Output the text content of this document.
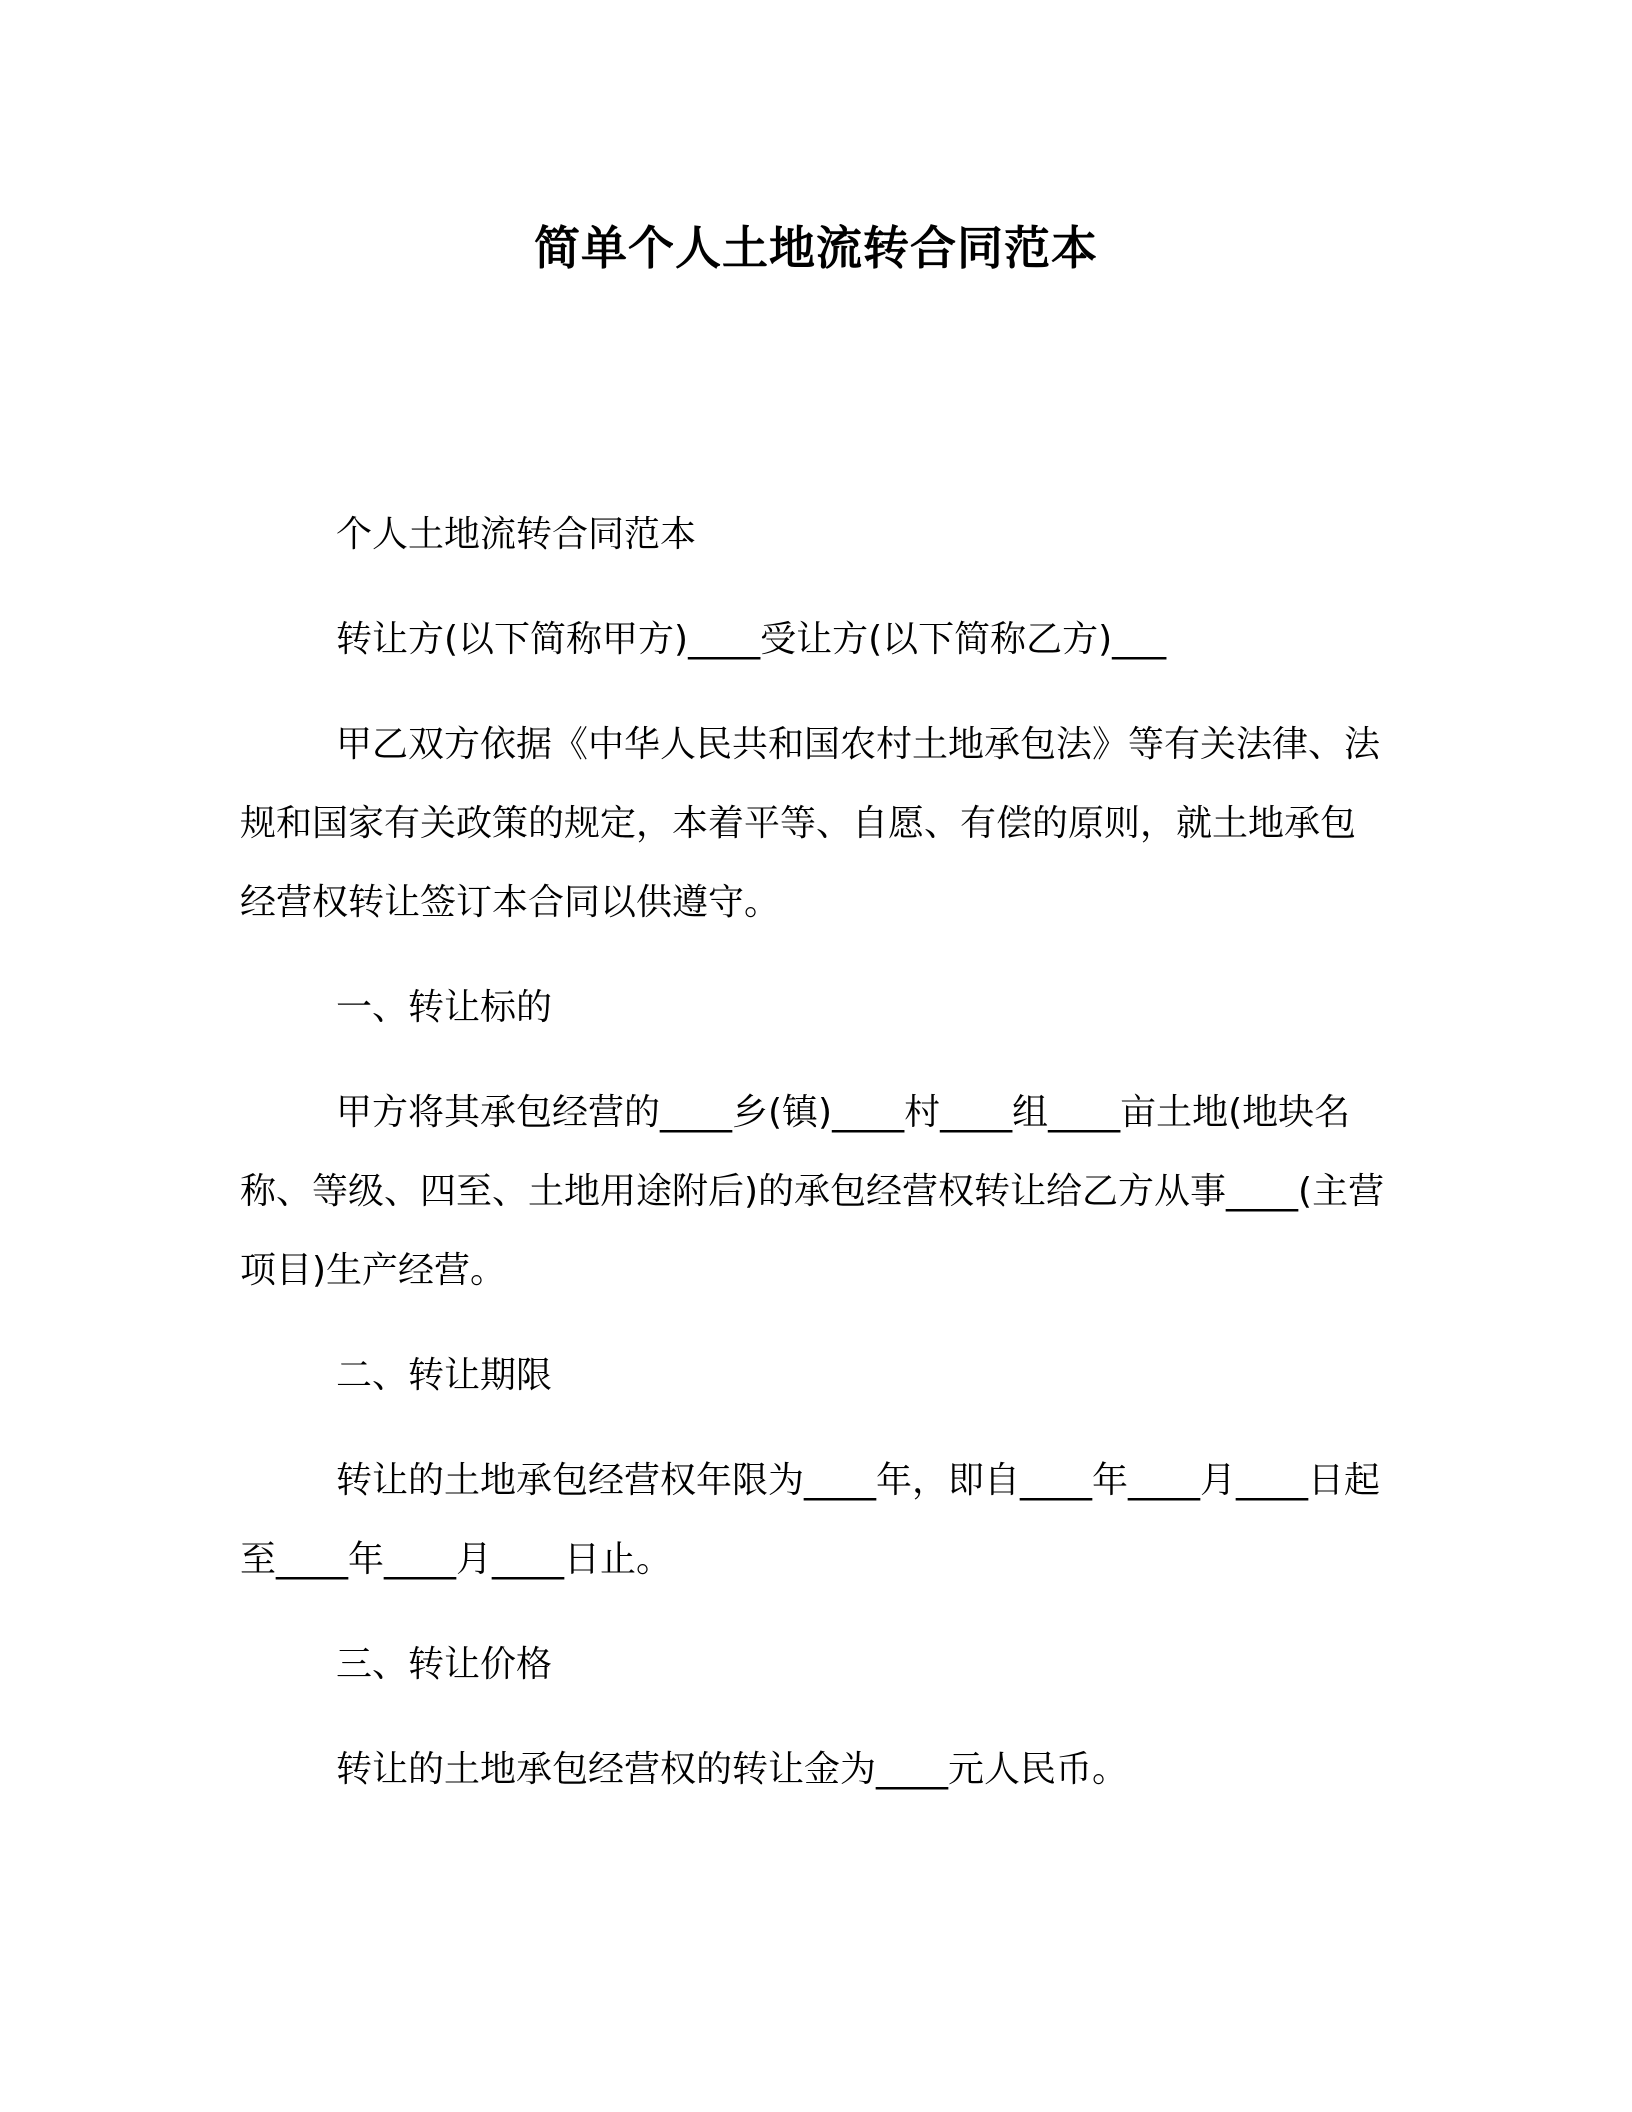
简单个人土地流转合同范本

个人土地流转合同范本

转让方(以下简称甲方)____受让方(以下简称乙方)___

甲乙双方依据《中华人民共和国农村土地承包法》等有关法律、法规和国家有关政策的规定，本着平等、自愿、有偿的原则，就土地承包经营权转让签订本合同以供遵守。

一、转让标的

甲方将其承包经营的____乡(镇)____村____组____亩土地(地块名称、等级、四至、土地用途附后)的承包经营权转让给乙方从事____(主营项目)生产经营。

二、转让期限

转让的土地承包经营权年限为____年，即自____年____月____日起至____年____月____日止。

三、转让价格

转让的土地承包经营权的转让金为____元人民币。
